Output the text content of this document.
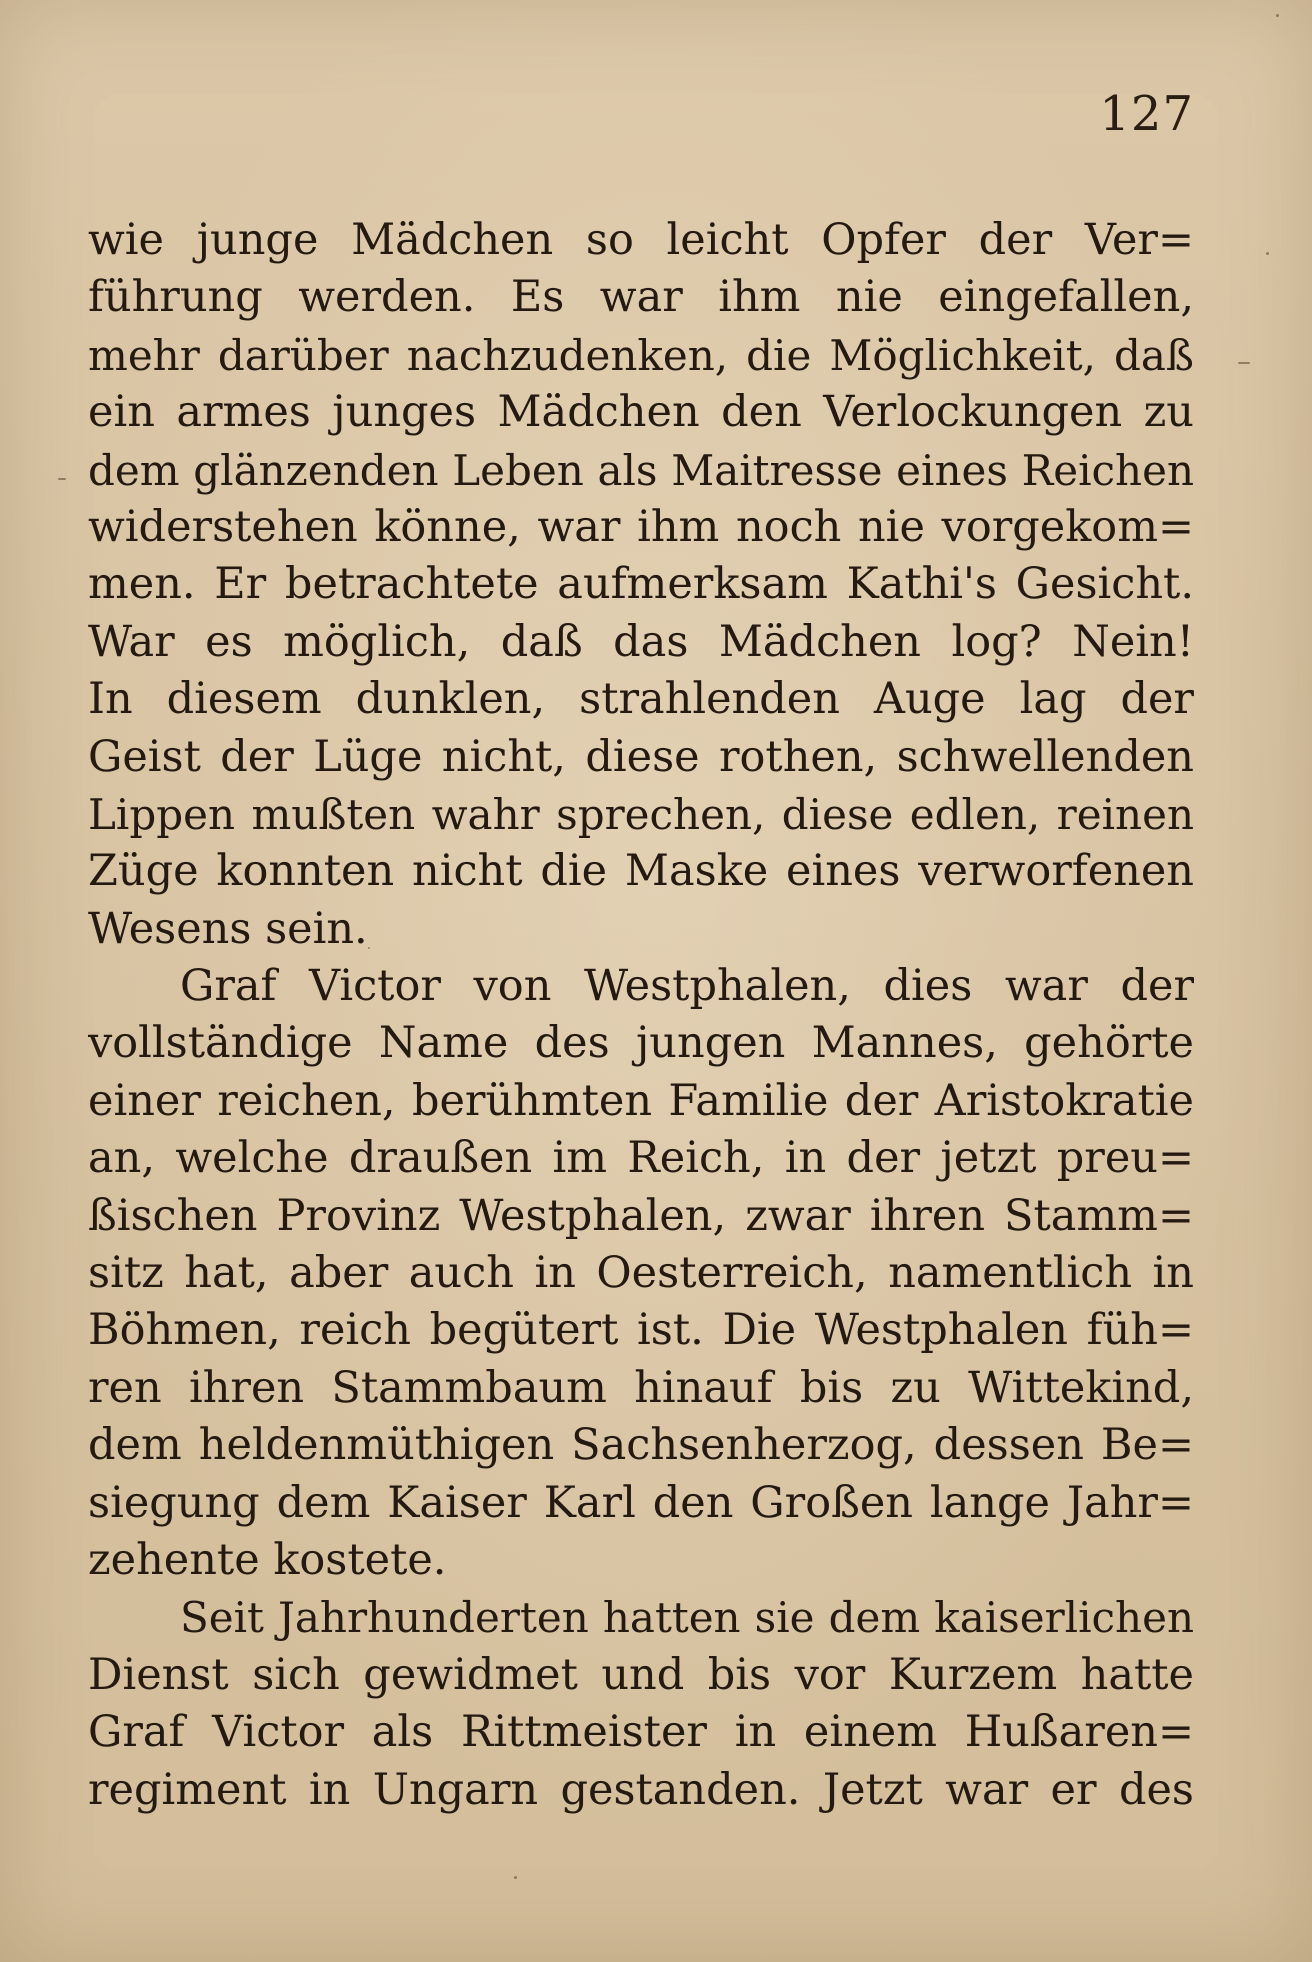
127
wie junge Mädchen so leicht Opfer der Ver=
führung werden. Es war ihm nie eingefallen,
mehr darüber nachzudenken, die Möglichkeit, daß
ein armes junges Mädchen den Verlockungen zu
dem glänzenden Leben als Maitresse eines Reichen
widerstehen könne, war ihm noch nie vorgekom=
men. Er betrachtete aufmerksam Kathi's Gesicht.
War es möglich, daß das Mädchen log? Nein!
In diesem dunklen, strahlenden Auge lag der
Geist der Lüge nicht, diese rothen, schwellenden
Lippen mußten wahr sprechen, diese edlen, reinen
Züge konnten nicht die Maske eines verworfenen
Wesens sein.
Graf Victor von Westphalen, dies war der
vollständige Name des jungen Mannes, gehörte
einer reichen, berühmten Familie der Aristokratie
an, welche draußen im Reich, in der jetzt preu=
ßischen Provinz Westphalen, zwar ihren Stamm=
sitz hat, aber auch in Oesterreich, namentlich in
Böhmen, reich begütert ist. Die Westphalen füh=
ren ihren Stammbaum hinauf bis zu Wittekind,
dem heldenmüthigen Sachsenherzog, dessen Be=
siegung dem Kaiser Karl den Großen lange Jahr=
zehente kostete.
Seit Jahrhunderten hatten sie dem kaiserlichen
Dienst sich gewidmet und bis vor Kurzem hatte
Graf Victor als Rittmeister in einem Hußaren=
regiment in Ungarn gestanden. Jetzt war er des
